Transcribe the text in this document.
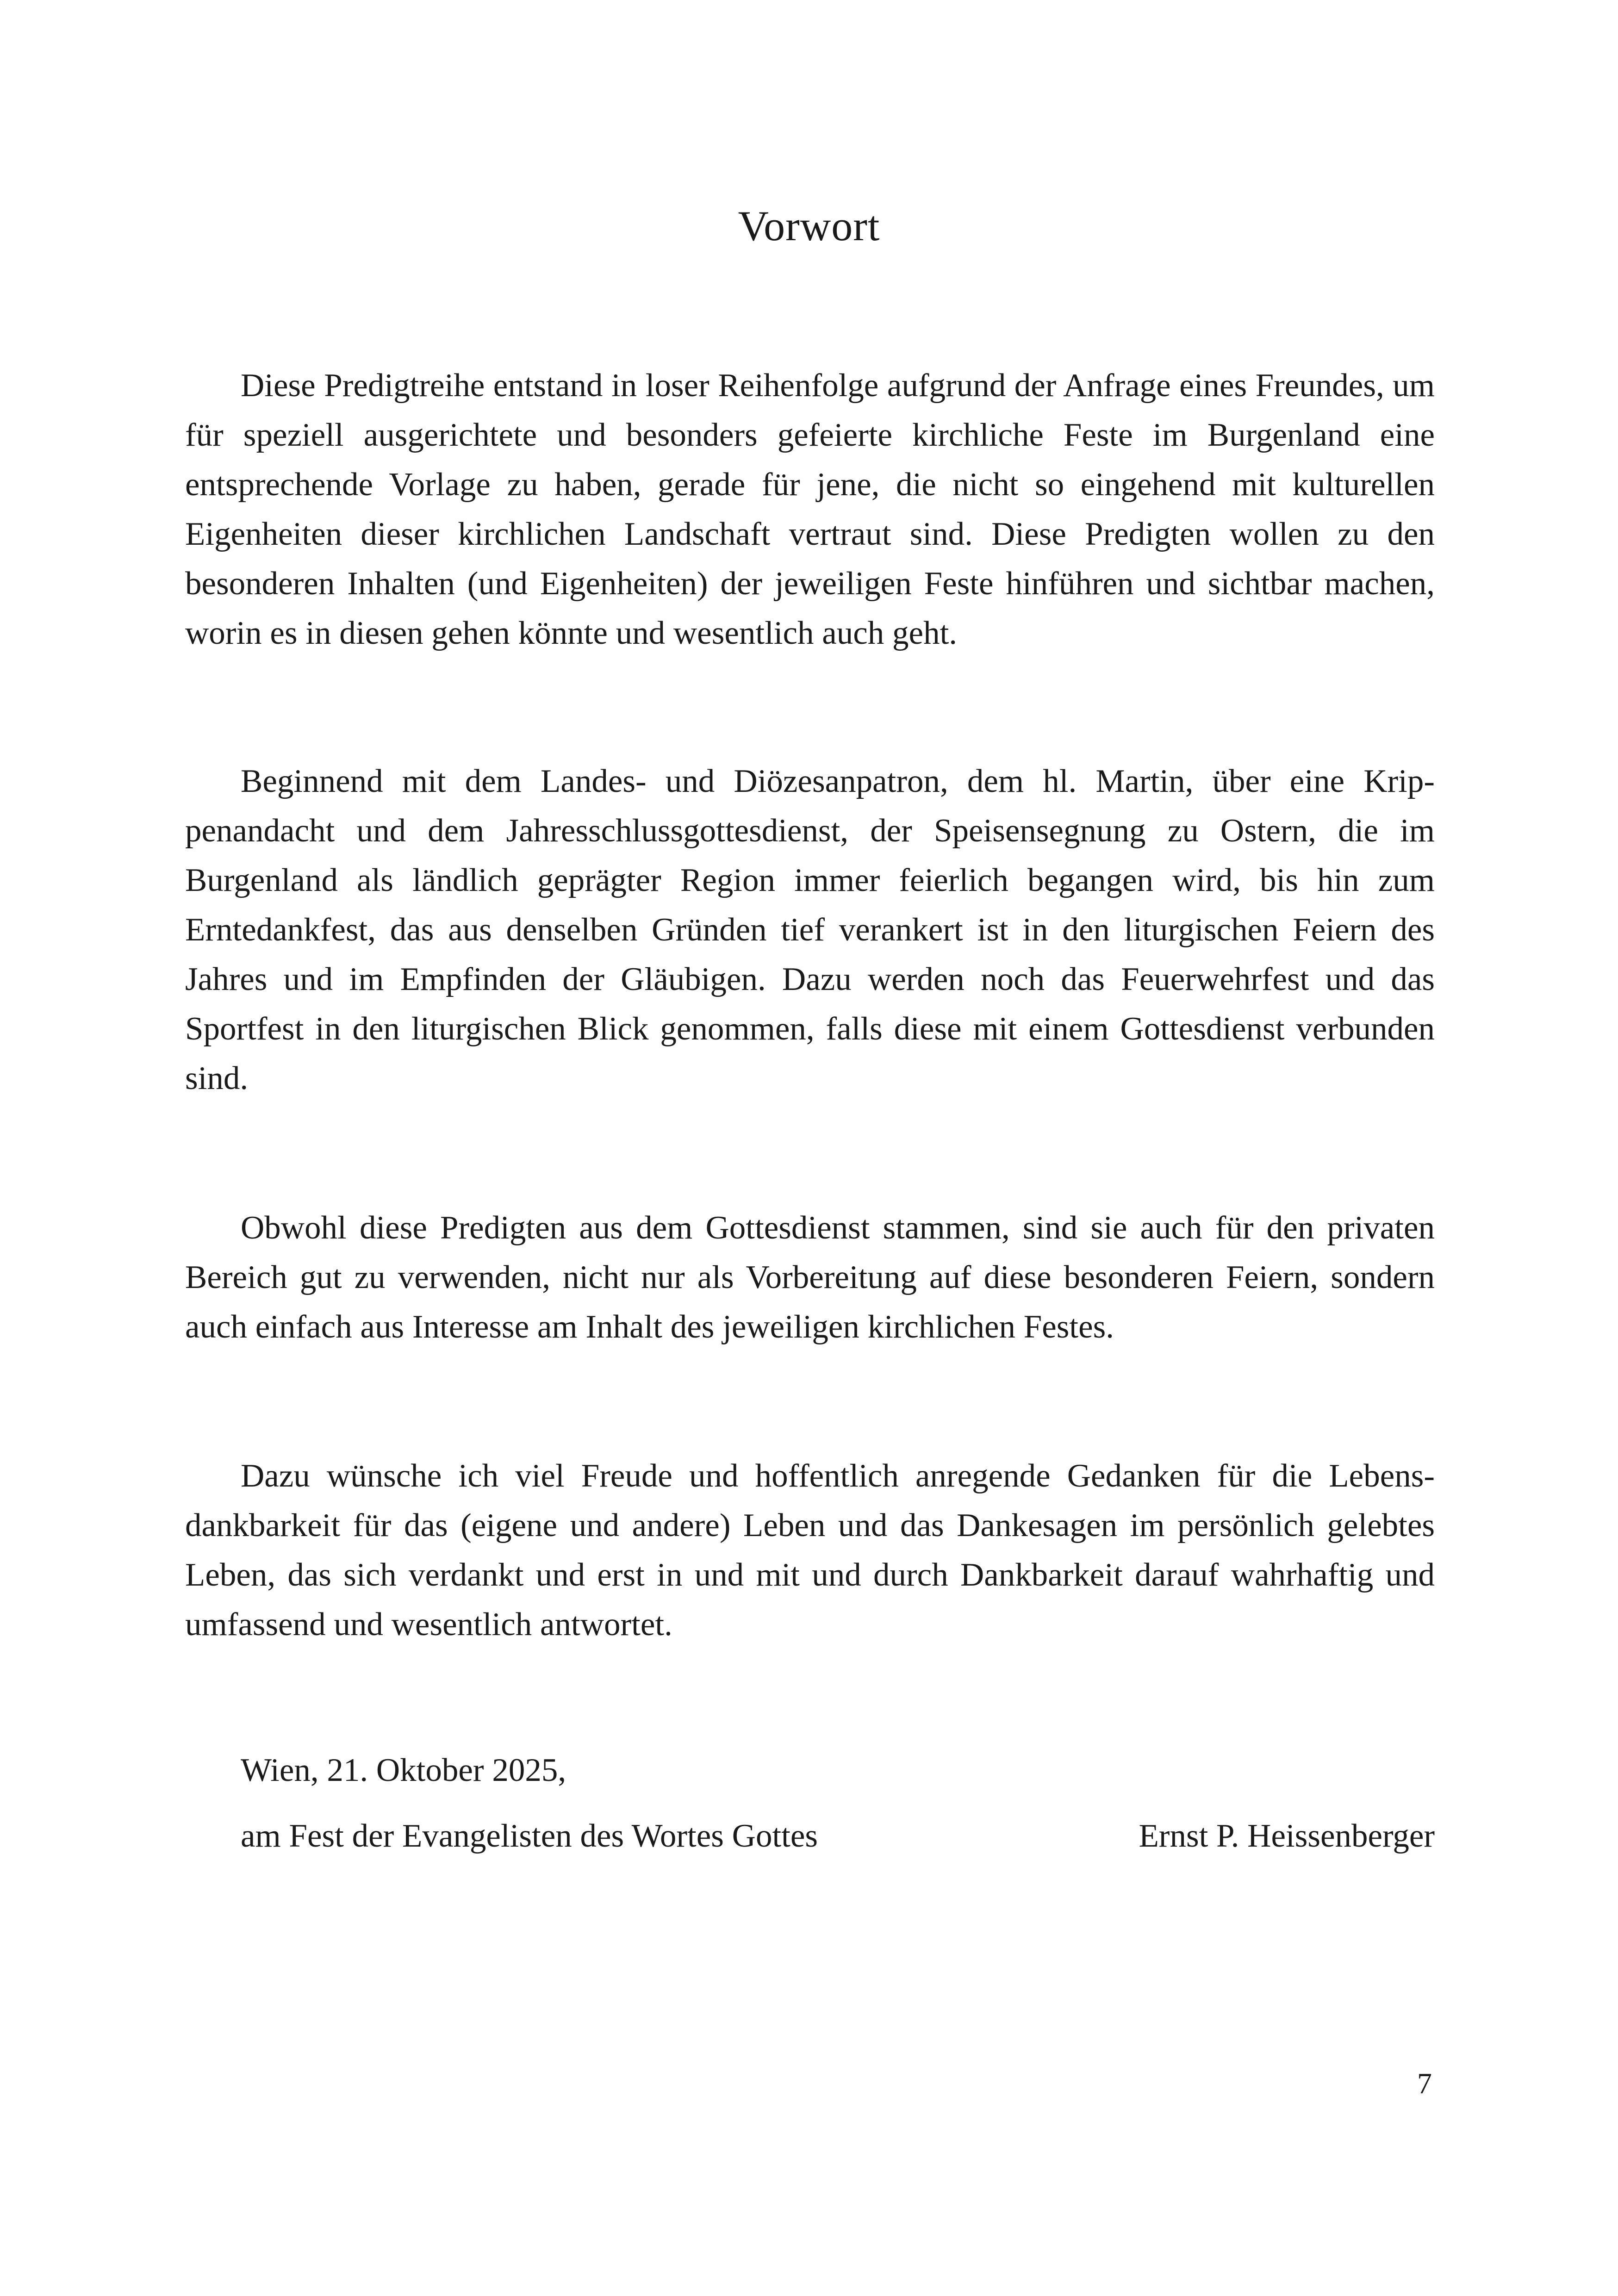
Vorwort

Diese Predigtreihe entstand in loser Reihenfolge aufgrund der Anfrage eines Freundes, um für speziell ausgerichtete und besonders gefeierte kirchliche Feste im Burgenland eine entsprechende Vorlage zu haben, gerade für jene, die nicht so eingehend mit kulturellen Eigenheiten dieser kirchlichen Landschaft vertraut sind. Diese Predigten wollen zu den besonderen Inhalten (und Eigenheiten) der jeweiligen Feste hinführen und sichtbar machen, worin es in diesen gehen könnte und wesentlich auch geht.

Beginnend mit dem Landes- und Diözesanpatron, dem hl. Martin, über eine Krippenandacht und dem Jahresschlussgottesdienst, der Speisensegnung zu Ostern, die im Burgenland als ländlich geprägter Region immer feierlich begangen wird, bis hin zum Erntedankfest, das aus denselben Gründen tief verankert ist in den liturgischen Feiern des Jahres und im Empfinden der Gläubigen. Dazu werden noch das Feuerwehrfest und das Sportfest in den liturgischen Blick genommen, falls diese mit einem Gottesdienst verbunden sind.

Obwohl diese Predigten aus dem Gottesdienst stammen, sind sie auch für den privaten Bereich gut zu verwenden, nicht nur als Vorbereitung auf diese besonderen Feiern, sondern auch einfach aus Interesse am Inhalt des jeweiligen kirchlichen Festes.

Dazu wünsche ich viel Freude und hoffentlich anregende Gedanken für die Lebensdankbarkeit für das (eigene und andere) Leben und das Dankesagen im persönlich gelebtes Leben, das sich verdankt und erst in und mit und durch Dankbarkeit darauf wahrhaftig und umfassend und wesentlich antwortet.

Wien, 21. Oktober 2025,
am Fest der Evangelisten des Wortes Gottes	Ernst P. Heissenberger
7
